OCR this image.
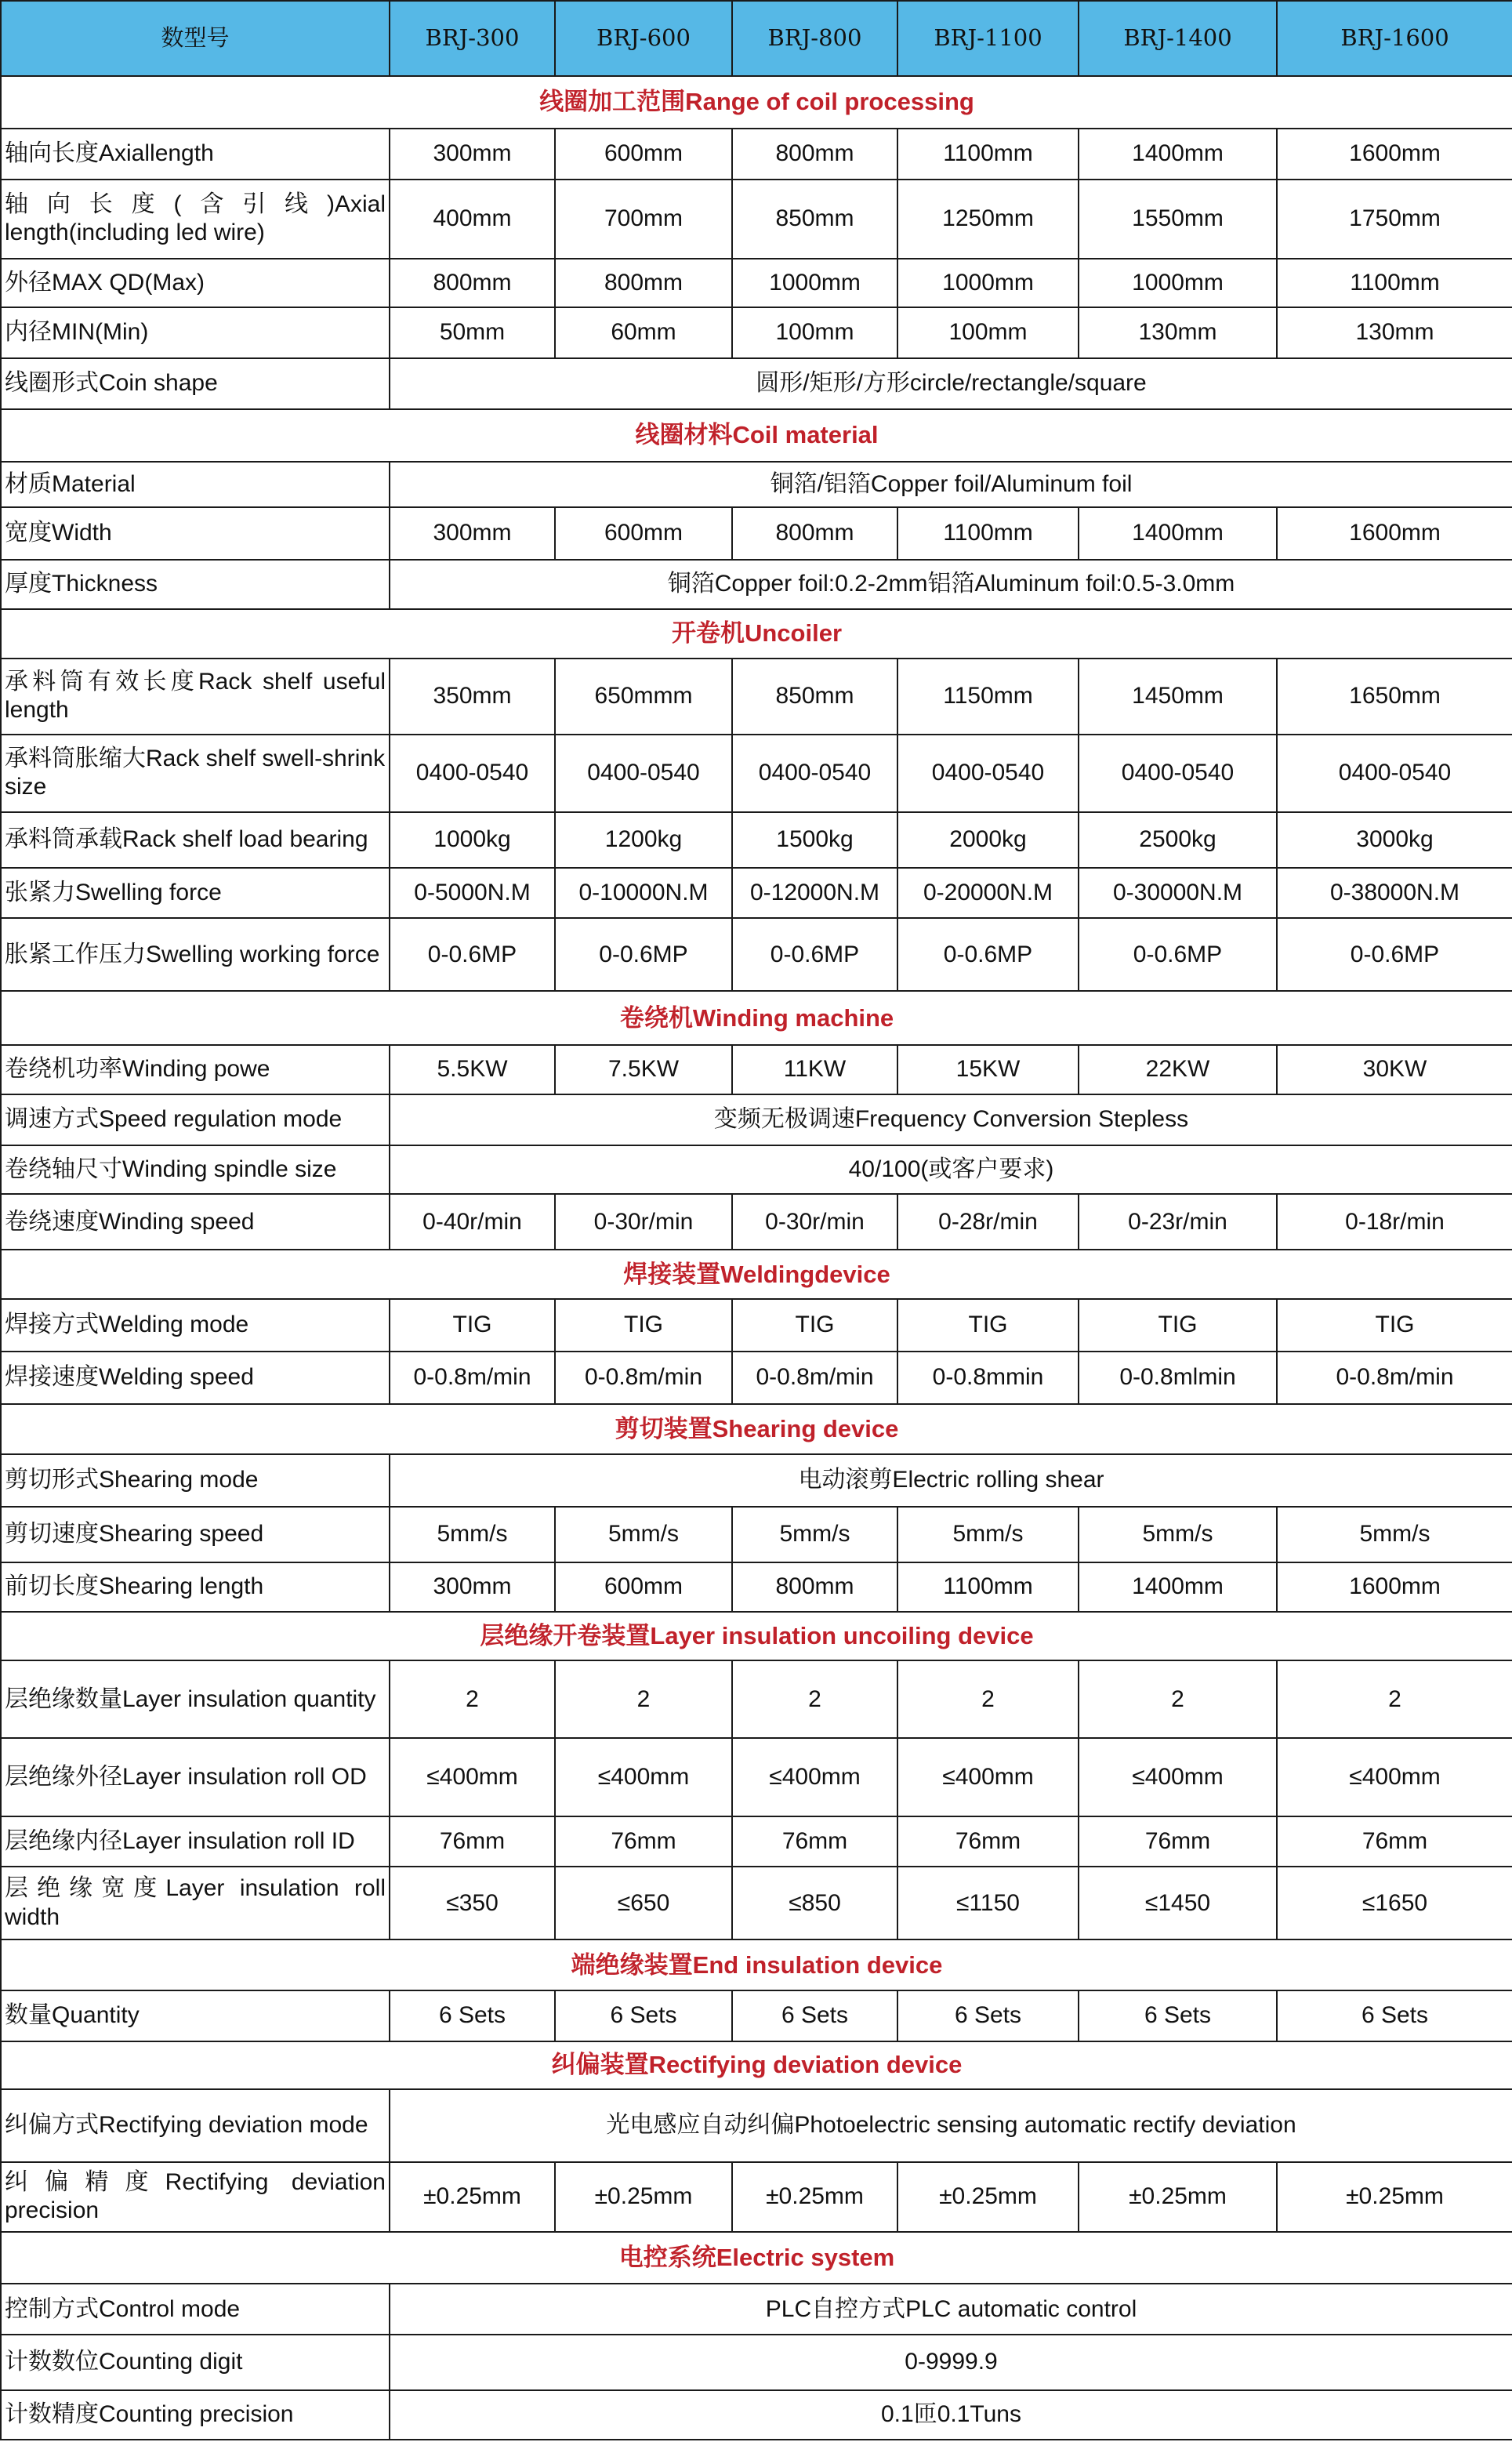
数型号	BRJ-300	BRJ-600	BRJ-800	BRJ-1100	BRJ-1400	BRJ-1600
线圈加工范围Range of coil processing						
轴向长度Axiallength	300mm	600mm	800mm	1100mm	1400mm	1600mm
轴向长度(含引线)Axial length(including led wire)	400mm	700mm	850mm	1250mm	1550mm	1750mm
外径MAX QD(Max)	800mm	800mm	1000mm	1000mm	1000mm	1100mm
内径MIN(Min)	50mm	60mm	100mm	100mm	130mm	130mm
线圈形式Coin shape	圆形/矩形/方形circle/rectangle/square					
线圈材料Coil material						
材质Material	铜箔/铝箔Copper foil/Aluminum foil					
宽度Width	300mm	600mm	800mm	1100mm	1400mm	1600mm
厚度Thickness	铜箔Copper foil:0.2-2mm铝箔Aluminum foil:0.5-3.0mm					
开卷机Uncoiler						
承料筒有效长度Rack shelf useful length	350mm	650mmm	850mm	1150mm	1450mm	1650mm
承料筒胀缩大Rack shelf swell-shrink size	0400-0540	0400-0540	0400-0540	0400-0540	0400-0540	0400-0540
承料筒承载Rack shelf load bearing	1000kg	1200kg	1500kg	2000kg	2500kg	3000kg
张紧力Swelling force	0-5000N.M	0-10000N.M	0-12000N.M	0-20000N.M	0-30000N.M	0-38000N.M
胀紧工作压力Swelling working force	0-0.6MP	0-0.6MP	0-0.6MP	0-0.6MP	0-0.6MP	0-0.6MP
卷绕机Winding machine						
卷绕机功率Winding powe	5.5KW	7.5KW	11KW	15KW	22KW	30KW
调速方式Speed regulation mode	变频无极调速Frequency Conversion Stepless					
卷绕轴尺寸Winding spindle size	40/100(或客户要求)					
卷绕速度Winding speed	0-40r/min	0-30r/min	0-30r/min	0-28r/min	0-23r/min	0-18r/min
焊接装置Weldingdevice						
焊接方式Welding mode	TIG	TIG	TIG	TIG	TIG	TIG
焊接速度Welding speed	0-0.8m/min	0-0.8m/min	0-0.8m/min	0-0.8mmin	0-0.8mlmin	0-0.8m/min
剪切装置Shearing device						
剪切形式Shearing mode	电动滚剪Electric rolling shear					
剪切速度Shearing speed	5mm/s	5mm/s	5mm/s	5mm/s	5mm/s	5mm/s
前切长度Shearing length	300mm	600mm	800mm	1100mm	1400mm	1600mm
层绝缘开卷装置Layer insulation uncoiling device						
层绝缘数量Layer insulation quantity	2	2	2	2	2	2
层绝缘外径Layer insulation roll OD	≤400mm	≤400mm	≤400mm	≤400mm	≤400mm	≤400mm
层绝缘内径Layer insulation roll ID	76mm	76mm	76mm	76mm	76mm	76mm
层绝缘宽度Layer insulation roll width	≤350	≤650	≤850	≤1150	≤1450	≤1650
端绝缘装置End insulation device						
数量Quantity	6 Sets	6 Sets	6 Sets	6 Sets	6 Sets	6 Sets
纠偏装置Rectifying deviation device						
纠偏方式Rectifying deviation mode	光电感应自动纠偏Photoelectric sensing automatic rectify deviation					
纠偏精度Rectifying deviation precision	±0.25mm	±0.25mm	±0.25mm	±0.25mm	±0.25mm	±0.25mm
电控系统Electric system						
控制方式Control mode	PLC自控方式PLC automatic control					
计数数位Counting digit	0-9999.9					
计数精度Counting precision	0.1匝0.1Tuns					
